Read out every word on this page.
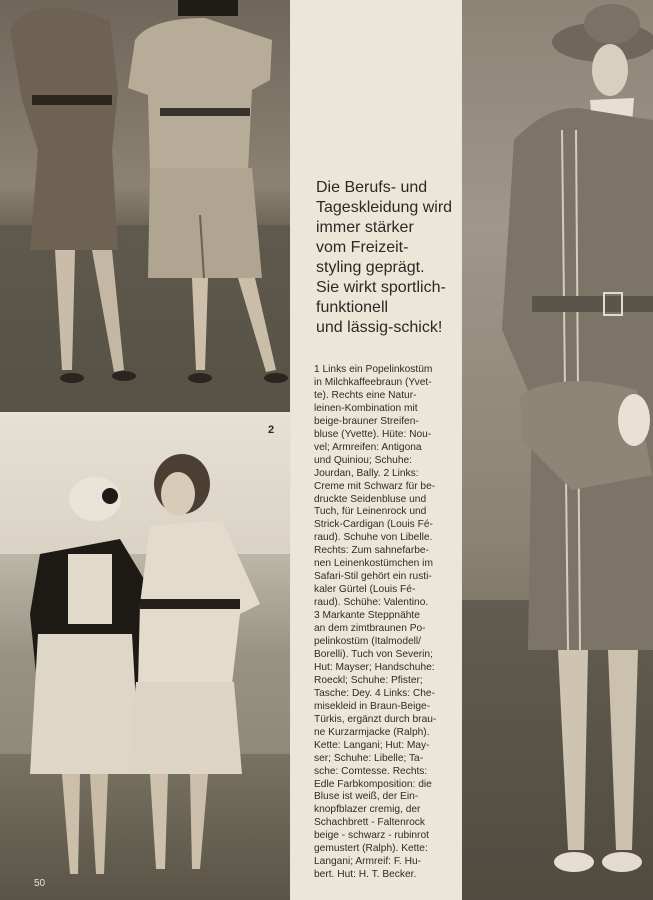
Die Berufs- und
Tageskleidung wird
immer stärker
vom Freizeit-
styling geprägt.
Sie wirkt sportlich-
funktionell
und lässig-schick!

1 Links ein Popelinkostüm
in Milchkaffeebraun (Yvet-
te). Rechts eine Natur-
leinen-Kombination mit
beige-brauner Streifen-
bluse (Yvette). Hüte: Nou-
vel; Armreifen: Antigona
und Quiniou; Schuhe:
Jourdan, Bally. 2 Links:
Creme mit Schwarz für be-
druckte Seidenbluse und
Tuch, für Leinenrock und
Strick-Cardigan (Louis Fé-
raud). Schuhe von Libelle.
Rechts: Zum sahnefarbe-
nen Leinenkostümchen im
Safari-Stil gehört ein rusti-
kaler Gürtel (Louis Fé-
raud). Schühe: Valentino.
3 Markante Steppnähte
an dem zimtbraunen Po-
pelinkostüm (Italmodell/
Borelli). Tuch von Severin;
Hut: Mayser; Handschuhe:
Roeckl; Schuhe: Pfister;
Tasche: Dey. 4 Links: Che-
misekleid in Braun-Beige-
Türkis, ergänzt durch brau-
ne Kurzarmjacke (Ralph).
Kette: Langani; Hut: May-
ser; Schuhe: Libelle; Ta-
sche: Comtesse. Rechts:
Edle Farbkomposition: die
Bluse ist weiß, der Ein-
knopfblazer cremig, der
Schachbrett - Faltenrock
beige - schwarz - rubinrot
gemustert (Ralph). Kette:
Langani; Armreif: F. Hu-
bert. Hut: H. T. Becker.

2
50
